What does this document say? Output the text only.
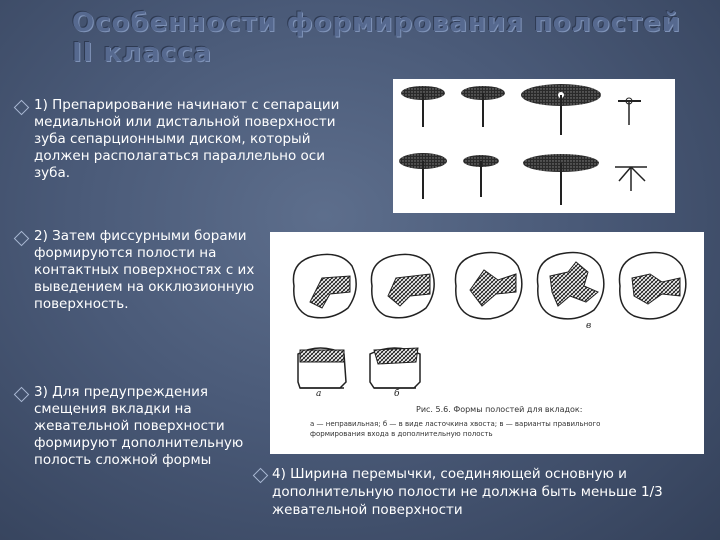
Особенности формирования полостей II класса

1) Препарирование начинают с сепарации медиальной или дистальной поверхности зуба сепарционными диском, который должен располагаться параллельно оси зуба.

2) Затем фиссурными борами формируются полости на контактных поверхностях с их выведением на окклюзионную поверхность.

3) Для предупреждения смещения вкладки на жевательной поверхности формируют дополнительную полость сложной формы

4) Ширина перемычки, соединяющей основную и дополнительную полости не должна быть меньше 1/3 жевательной поверхности

в
а	б
Рис. 5.6. Формы полостей для вкладок:
а — неправильная; б — в виде ласточкина хвоста; в — варианты правильного
формирования входа в дополнительную полость
